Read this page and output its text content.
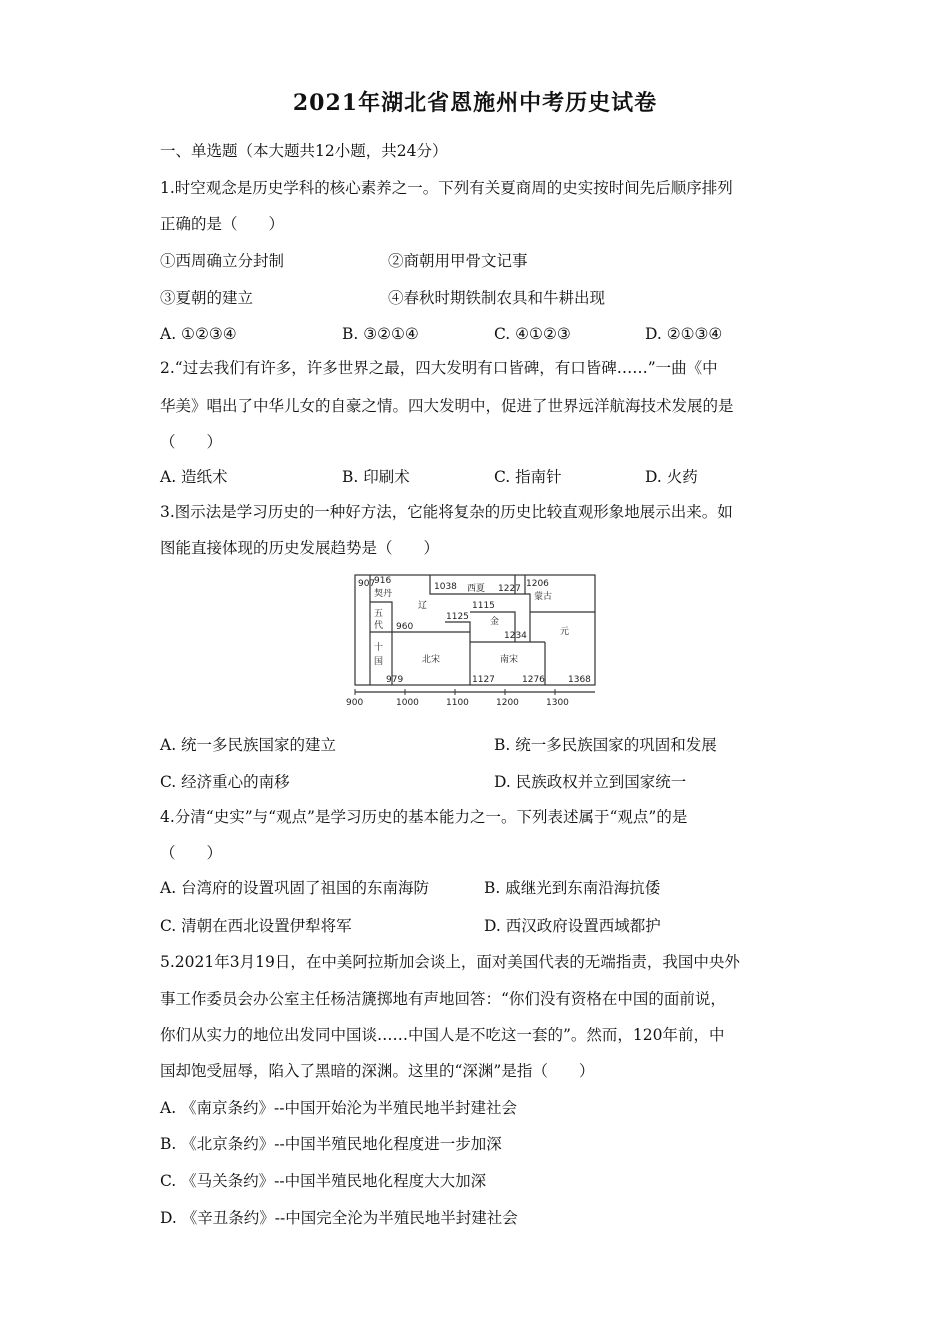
2021年湖北省恩施州中考历史试卷
一、单选题（本大题共12小题，共24分）
1.时空观念是历史学科的核心素养之一。下列有关夏商周的史实按时间先后顺序排列
正确的是（　　）
①西周确立分封制	②商朝用甲骨文记事
③夏朝的建立	④春秋时期铁制农具和牛耕出现
A. ①②③④	B. ③②①④	C. ④①②③	D. ②①③④
2.“过去我们有许多，许多世界之最，四大发明有口皆碑，有口皆碑……”一曲《中
华美》唱出了中华儿女的自豪之情。四大发明中，促进了世界远洋航海技术发展的是
（　　）
A. 造纸术	B. 印刷术	C. 指南针	D. 火药
3.图示法是学习历史的一种好方法，它能将复杂的历史比较直观形象地展示出来。如
图能直接体现的历史发展趋势是（　　）
907
916
契丹
辽
五
代 960
1125
十
国
979
北宋
1038 西夏 1227
1115
金
1234
1206
蒙古
元
南宋
1127	1276	1368
900	1000	1100	1200	1300
A. 统一多民族国家的建立	B. 统一多民族国家的巩固和发展
C. 经济重心的南移	D. 民族政权并立到国家统一
4.分清“史实”与“观点”是学习历史的基本能力之一。下列表述属于“观点”的是
（　　）
A. 台湾府的设置巩固了祖国的东南海防	B. 戚继光到东南沿海抗倭
C. 清朝在西北设置伊犁将军	D. 西汉政府设置西域都护
5.2021年3月19日，在中美阿拉斯加会谈上，面对美国代表的无端指责，我国中央外
事工作委员会办公室主任杨洁篪掷地有声地回答：“你们没有资格在中国的面前说，
你们从实力的地位出发同中国谈……中国人是不吃这一套的”。然而，120年前，中
国却饱受屈辱，陷入了黑暗的深渊。这里的“深渊”是指（　　）
A. 《南京条约》--中国开始沦为半殖民地半封建社会
B. 《北京条约》--中国半殖民地化程度进一步加深
C. 《马关条约》--中国半殖民地化程度大大加深
D. 《辛丑条约》--中国完全沦为半殖民地半封建社会
